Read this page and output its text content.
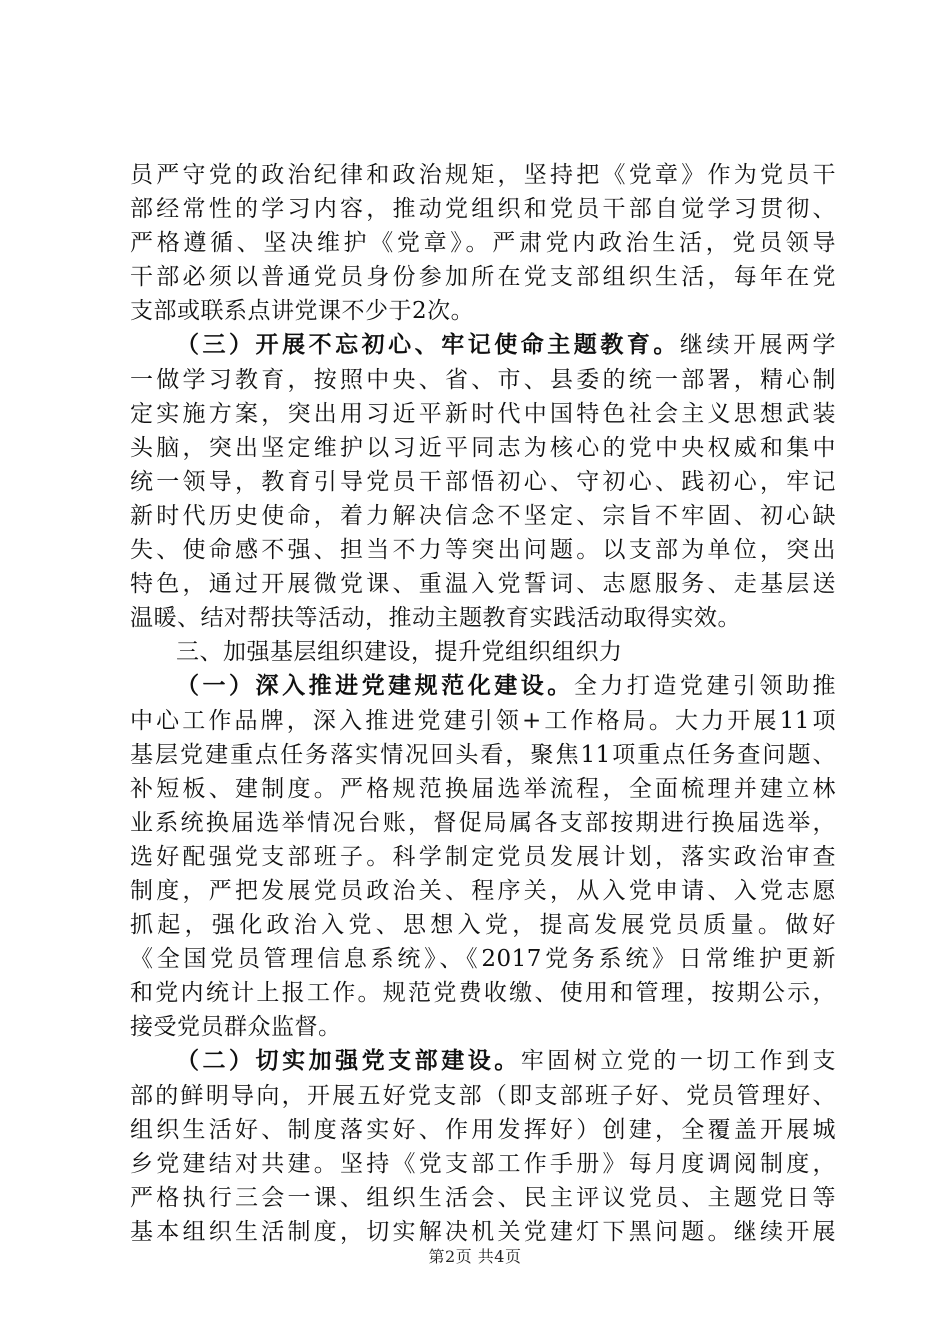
员严守党的政治纪律和政治规矩，坚持把《党章》作为党员干
部经常性的学习内容，推动党组织和党员干部自觉学习贯彻、
严格遵循、坚决维护《党章》。严肃党内政治生活，党员领导
干部必须以普通党员身份参加所在党支部组织生活，每年在党
支部或联系点讲党课不少于2次。
（三）开展不忘初心、牢记使命主题教育。继续开展两学
一做学习教育，按照中央、省、市、县委的统一部署，精心制
定实施方案，突出用习近平新时代中国特色社会主义思想武装
头脑，突出坚定维护以习近平同志为核心的党中央权威和集中
统一领导，教育引导党员干部悟初心、守初心、践初心，牢记
新时代历史使命，着力解决信念不坚定、宗旨不牢固、初心缺
失、使命感不强、担当不力等突出问题。以支部为单位，突出
特色，通过开展微党课、重温入党誓词、志愿服务、走基层送
温暖、结对帮扶等活动，推动主题教育实践活动取得实效。
三、加强基层组织建设，提升党组织组织力
（一）深入推进党建规范化建设。全力打造党建引领助推
中心工作品牌，深入推进党建引领+工作格局。大力开展11项
基层党建重点任务落实情况回头看，聚焦11项重点任务查问题、
补短板、建制度。严格规范换届选举流程，全面梳理并建立林
业系统换届选举情况台账，督促局属各支部按期进行换届选举，
选好配强党支部班子。科学制定党员发展计划，落实政治审查
制度，严把发展党员政治关、程序关，从入党申请、入党志愿
抓起，强化政治入党、思想入党，提高发展党员质量。做好
《全国党员管理信息系统》、《2017党务系统》日常维护更新
和党内统计上报工作。规范党费收缴、使用和管理，按期公示，
接受党员群众监督。
（二）切实加强党支部建设。牢固树立党的一切工作到支
部的鲜明导向，开展五好党支部（即支部班子好、党员管理好、
组织生活好、制度落实好、作用发挥好）创建，全覆盖开展城
乡党建结对共建。坚持《党支部工作手册》每月度调阅制度，
严格执行三会一课、组织生活会、民主评议党员、主题党日等
基本组织生活制度，切实解决机关党建灯下黑问题。继续开展
第2页 共4页
